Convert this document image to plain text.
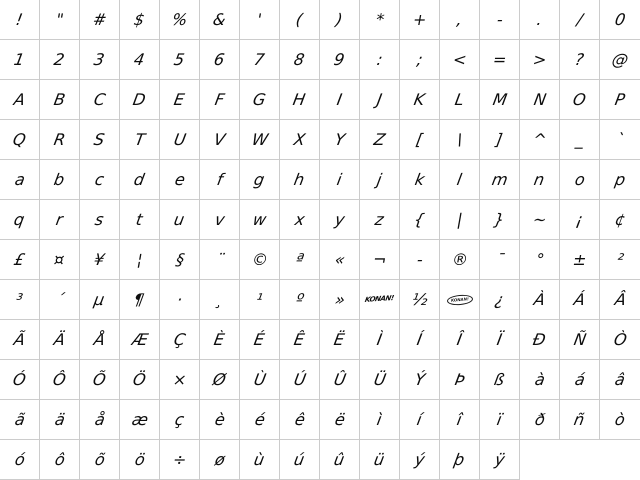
! " # $ % & ' ( ) * + , - . / 0
1 2 3 4 5 6 7 8 9 : ; < = > ? @
A B C D E F G H I J K L M N O P
Q R S T U V W X Y Z [ \ ] ^ _ `
a b c d e f g h i j k l m n o p
q r s t u v w x y z { | } ~ ¡ ¢
£ ¤ ¥ ¦ § ¨ © ª « ¬ - ® ¯ ° ± ²
³ ´ µ ¶ · ¸ ¹ º »	KONAN! ½	KONAN! ¿ À Á Â
Ã Ä Å Æ Ç È É Ê Ë Ì Í Î Ï Ð Ñ Ò
Ó Ô Õ Ö × Ø Ù Ú Û Ü Ý Þ ß à á â
ã ä å æ ç è é ê ë ì í î ï ð ñ ò
ó ô õ ö ÷ ø ù ú û ü ý þ ÿ
